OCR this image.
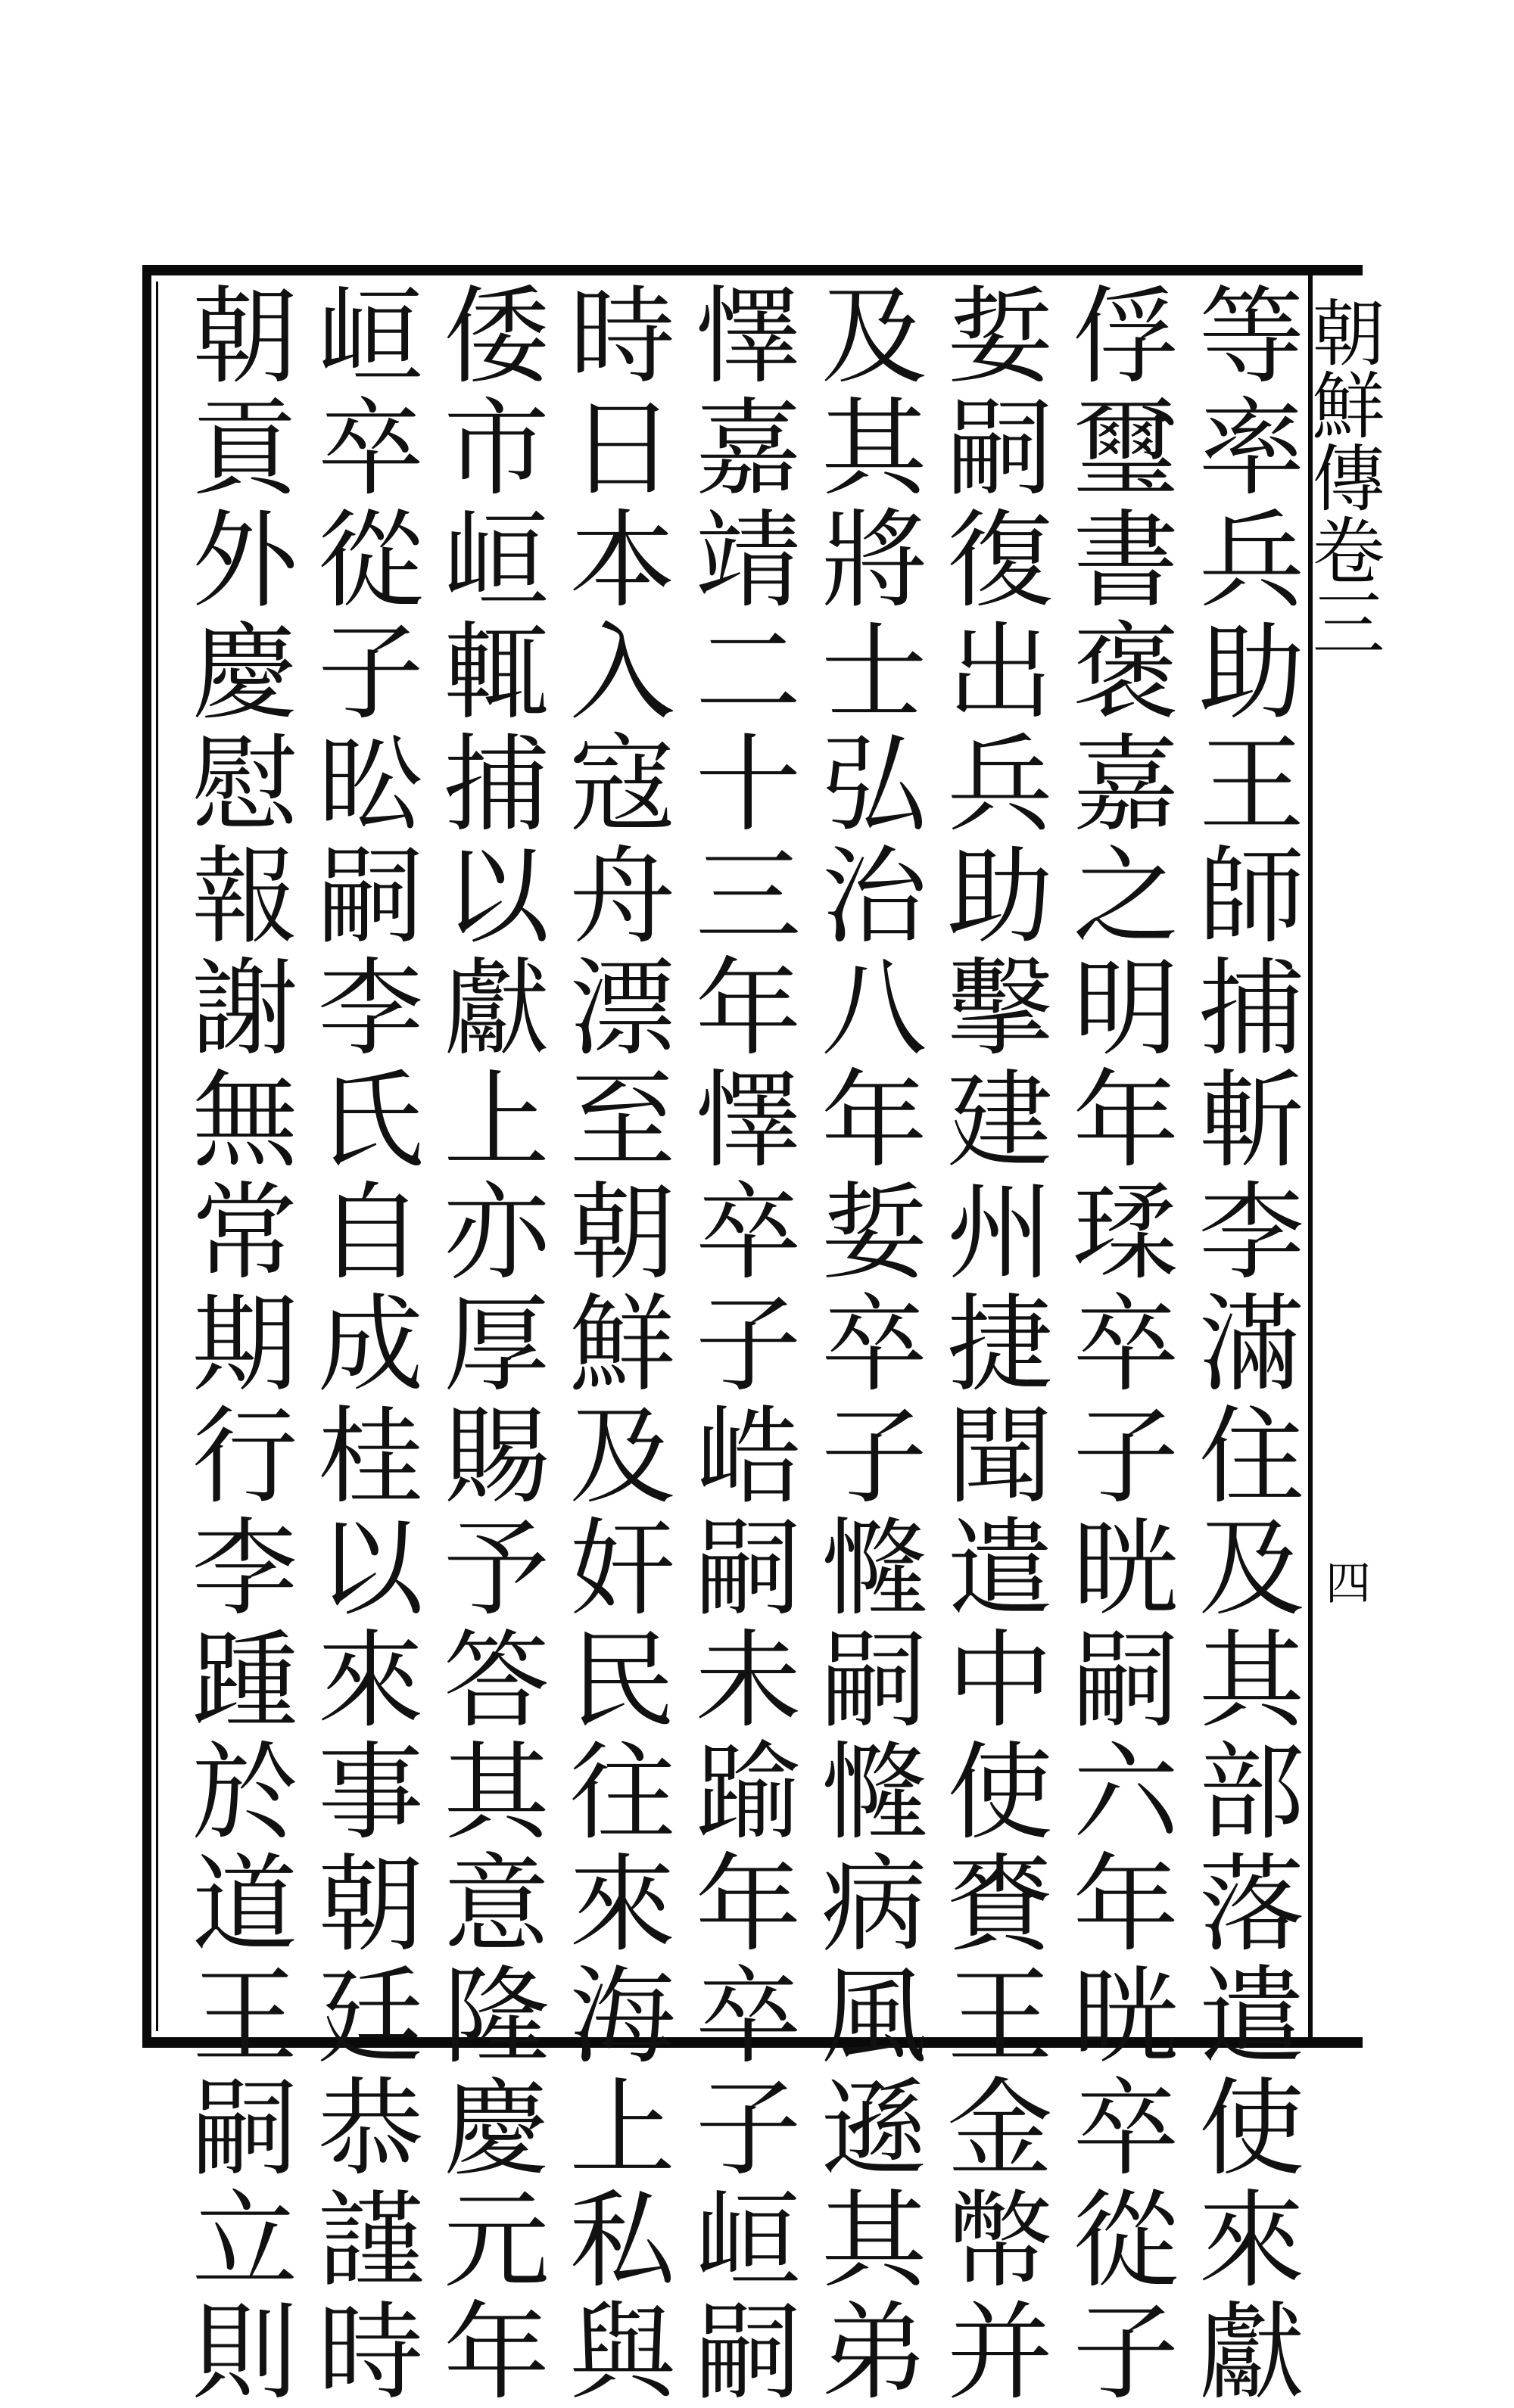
朝鮮傳卷三
四
等率兵助王師捕斬李滿住及其部落遣使來獻
俘璽書褒嘉之明年瑈卒子晄嗣六年晄卒從子
娎嗣復出兵助擊建州捷聞遣中使賚王金幣并
及其將士弘治八年娎卒子㦕嗣㦕病風遜其弟
懌嘉靖二十三年懌卒子峼嗣未踰年卒子峘嗣
時日本入寇舟漂至朝鮮及奸民往來海上私與
倭市峘輒捕以獻上亦厚賜予答其意隆慶元年
峘卒從子昖嗣李氏自成桂以來事朝廷恭謹時
朝貢外慶慰報謝無常期行李踵於道王嗣立則
